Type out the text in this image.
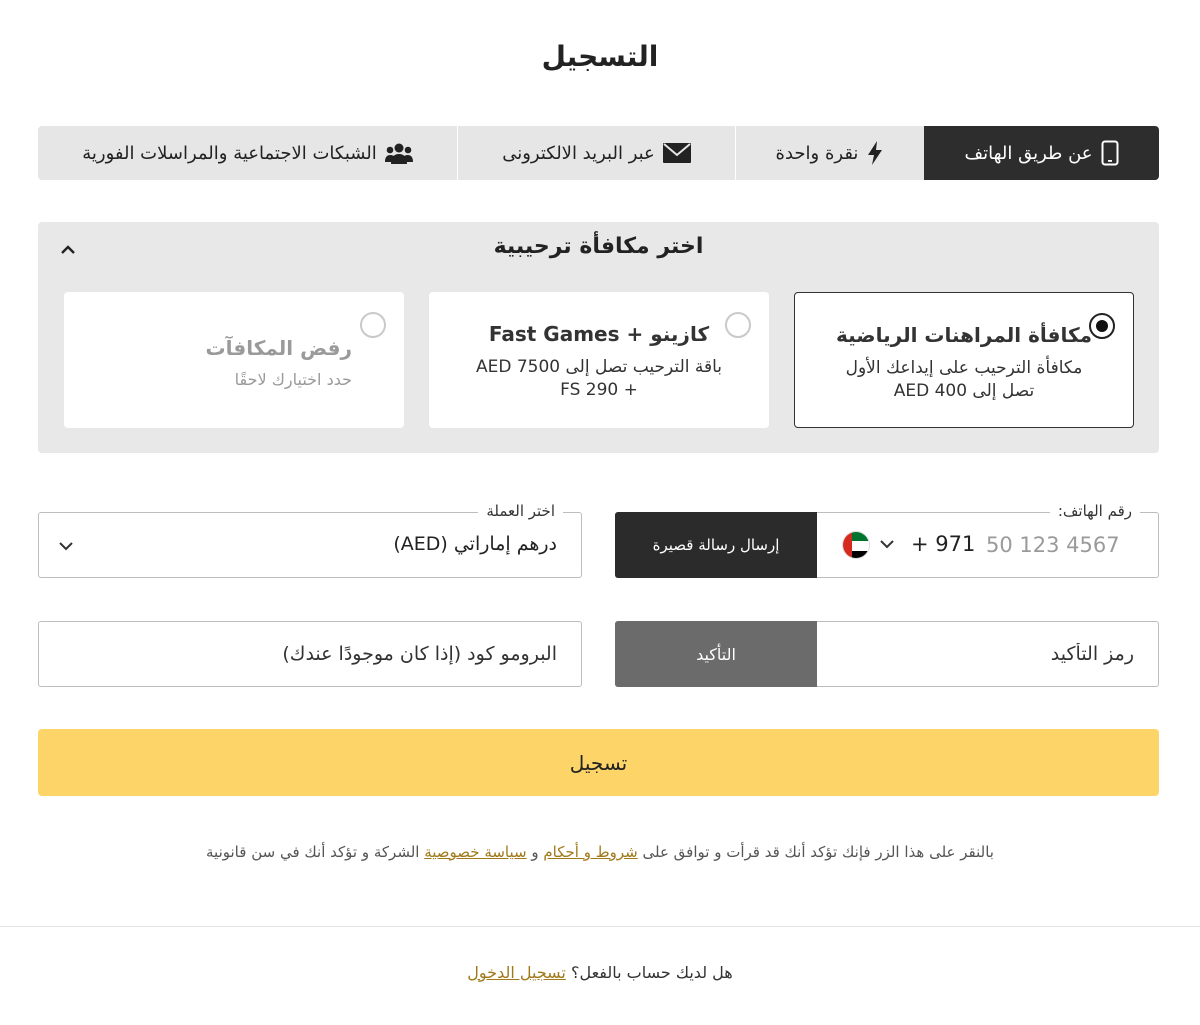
التسجيل
عن طريق الهاتف
نقرة واحدة
عبر البريد الالكترونى
الشبكات الاجتماعية والمراسلات الفورية
اختر مكافأة ترحيبية
مكافأة المراهنات الرياضية
مكافأة الترحيب على إيداعك الأول
تصل إلى AED 400
كازينو + Fast Games
باقة الترحيب تصل إلى AED 7500
+ 290 FS
رفض المكافآت
حدد اختيارك لاحقًا
رقم الهاتف:
إرسال رسالة قصيرة	+ 971
50 123 4567
اختر العملة
درهم إماراتي (AED)
التأكيد
رمز التأكيد
البرومو كود (إذا كان موجودًا عندك)
تسجيل
بالنقر على هذا الزر فإنك تؤكد أنك قد قرأت و توافق على شروط و أحكام و سياسة خصوصية الشركة و تؤكد أنك في سن قانونية
هل لديك حساب بالفعل؟ تسجيل الدخول
